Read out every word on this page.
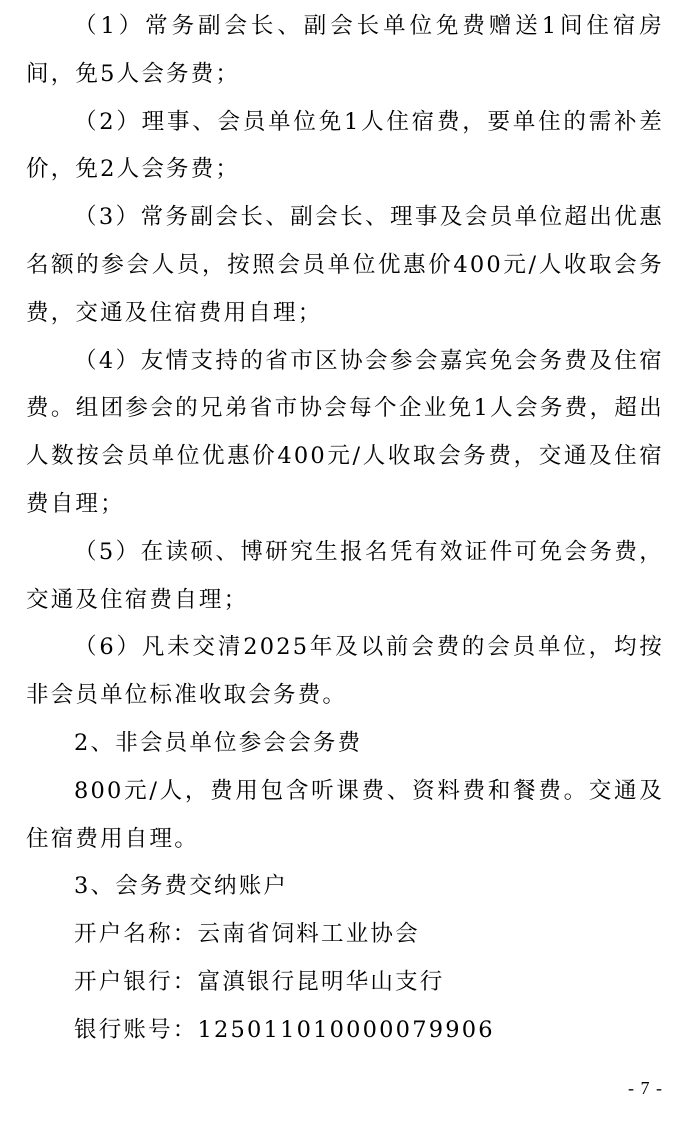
（1）常务副会长、副会长单位免费赠送1间住宿房间，免5人会务费；

（2）理事、会员单位免1人住宿费，要单住的需补差价，免2人会务费；

（3）常务副会长、副会长、理事及会员单位超出优惠名额的参会人员，按照会员单位优惠价400元/人收取会务费，交通及住宿费用自理；

（4）友情支持的省市区协会参会嘉宾免会务费及住宿费。组团参会的兄弟省市协会每个企业免1人会务费，超出人数按会员单位优惠价400元/人收取会务费，交通及住宿费自理；

（5）在读硕、博研究生报名凭有效证件可免会务费，交通及住宿费自理；

（6）凡未交清2025年及以前会费的会员单位，均按非会员单位标准收取会务费。

2、非会员单位参会会务费

800元/人，费用包含听课费、资料费和餐费。交通及住宿费用自理。

3、会务费交纳账户

开户名称：云南省饲料工业协会

开户银行：富滇银行昆明华山支行

银行账号：125011010000079906

- 7 -
